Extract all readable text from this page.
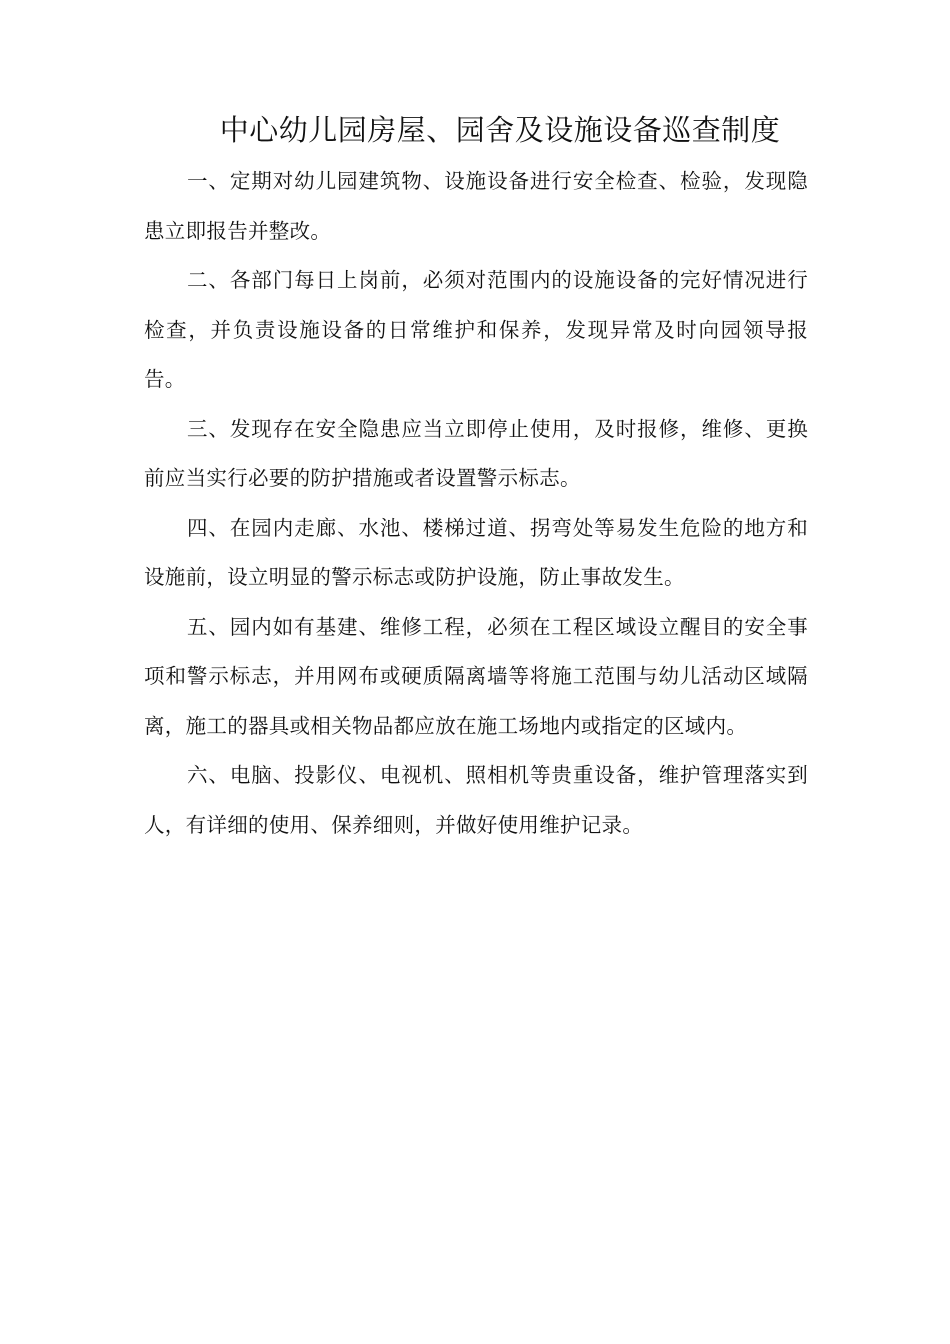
中心幼儿园房屋、园舍及设施设备巡查制度

一、定期对幼儿园建筑物、设施设备进行安全检查、检验，发现隐患立即报告并整改。

二、各部门每日上岗前，必须对范围内的设施设备的完好情况进行检查，并负责设施设备的日常维护和保养，发现异常及时向园领导报告。

三、发现存在安全隐患应当立即停止使用，及时报修，维修、更换前应当实行必要的防护措施或者设置警示标志。

四、在园内走廊、水池、楼梯过道、拐弯处等易发生危险的地方和设施前，设立明显的警示标志或防护设施，防止事故发生。

五、园内如有基建、维修工程，必须在工程区域设立醒目的安全事项和警示标志，并用网布或硬质隔离墙等将施工范围与幼儿活动区域隔离，施工的器具或相关物品都应放在施工场地内或指定的区域内。

六、电脑、投影仪、电视机、照相机等贵重设备，维护管理落实到人，有详细的使用、保养细则，并做好使用维护记录。
